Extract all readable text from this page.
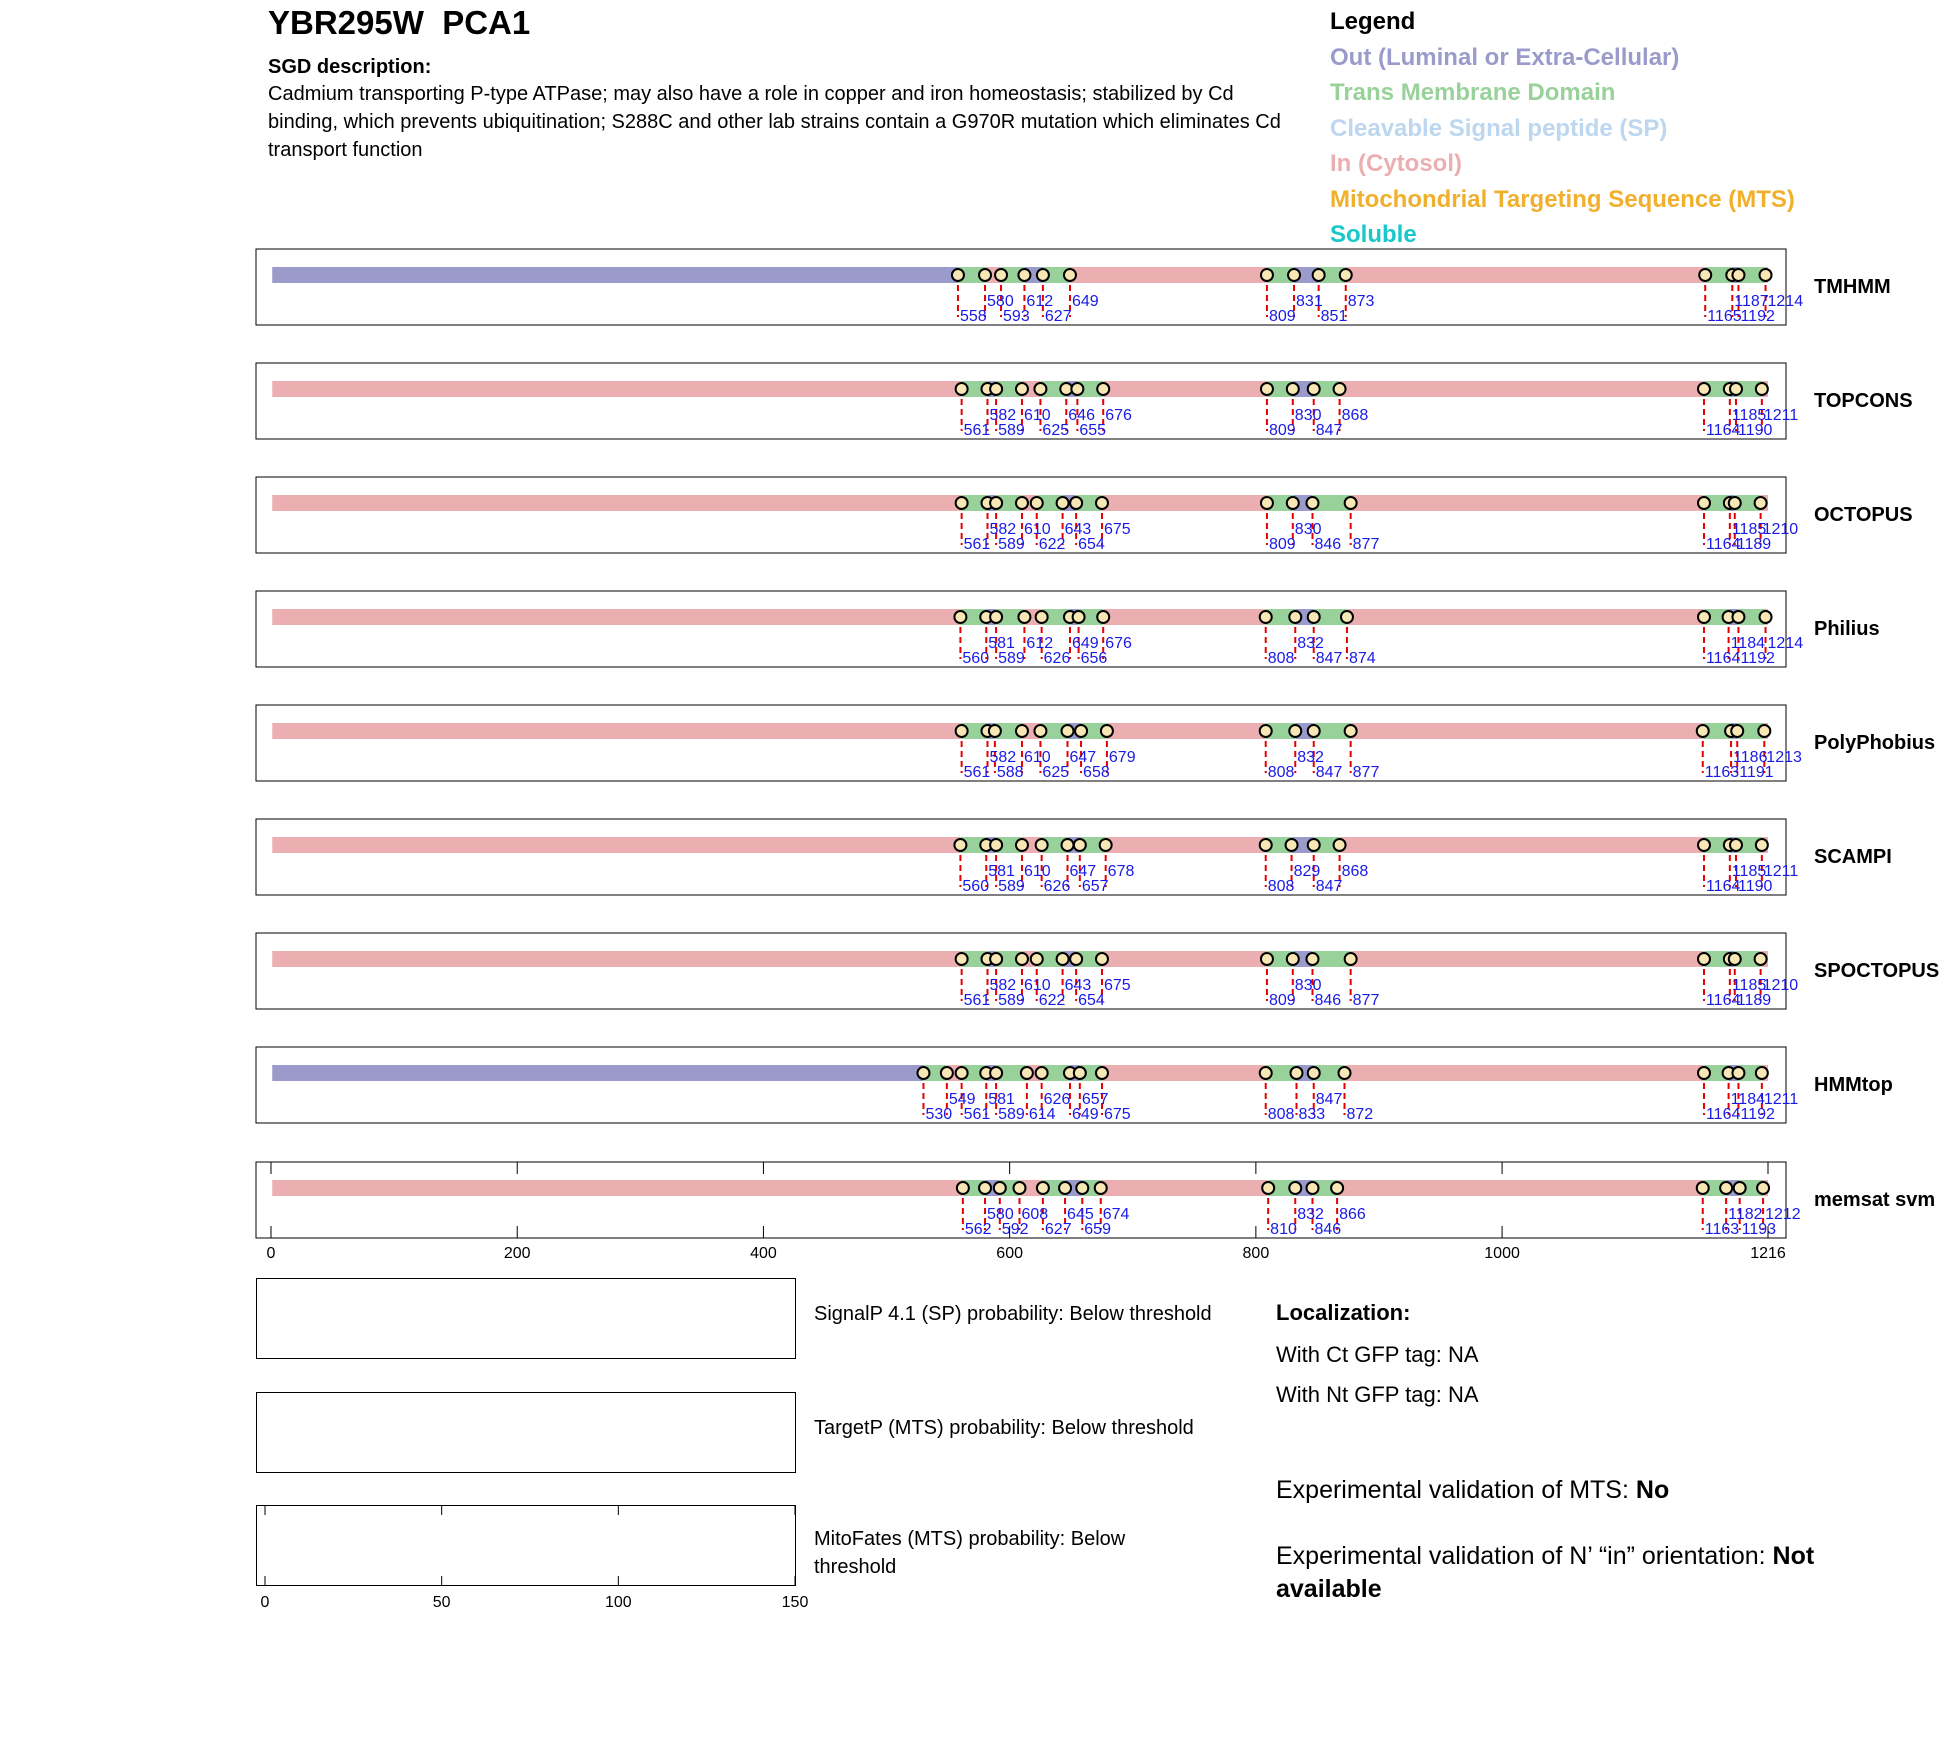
YBR295W  PCA1
SGD description:
Cadmium transporting P-type ATPase; may also have a role in copper and iron homeostasis; stabilized by Cd binding, which prevents ubiquitination; S288C and other lab strains contain a G970R mutation which eliminates Cd transport function
Legend
Out (Luminal or Extra-Cellular)
Trans Membrane Domain
Cleavable Signal peptide (SP)
In (Cytosol)
Mitochondrial Targeting Sequence (MTS)
Soluble
580 612 649	831 873	1187
1214
558 593 627	809 851	1165
1192
TMHMM
582 610 646 676	830 868	1185
1211
561 589 625 655	809 847	1164
1190
TOPCONS
582 610 643 675	830	1185
1210
561 589 622 654	809 846 877	1164
1189
OCTOPUS
581 612 649 676	832	1184 1214
560 589 626 656	808 847 874	1164 1192
Philius
582 610 647 679	832	1186
1213
561 588 625 658	808 847 877	1163 1191
PolyPhobius
581 610 647 678	829 868	1185
1211
560 589 626 657	808 847	1164
1190
SCAMPI
582 610 643 675	830	1185
1210
561 589 622 654	809 846 877	1164
1189
SPOCTOPUS
549 581 626 657	847	1184
1211
530 561 589 614 649 675	808 833 872	1164 1192
HMMtop
580 608 645 674	832 866	1182 1212
562 592 627 659	810 846	1163 1193
memsat svm
0	200	400	600	800	1000	1216
0	50	100	150
SignalP 4.1 (SP) probability: Below threshold
TargetP (MTS) probability: Below threshold
MitoFates (MTS) probability: Below threshold
Localization:
With Ct GFP tag: NA
With Nt GFP tag: NA
Experimental validation of MTS: No
Experimental validation of N’ “in” orientation: Not available
